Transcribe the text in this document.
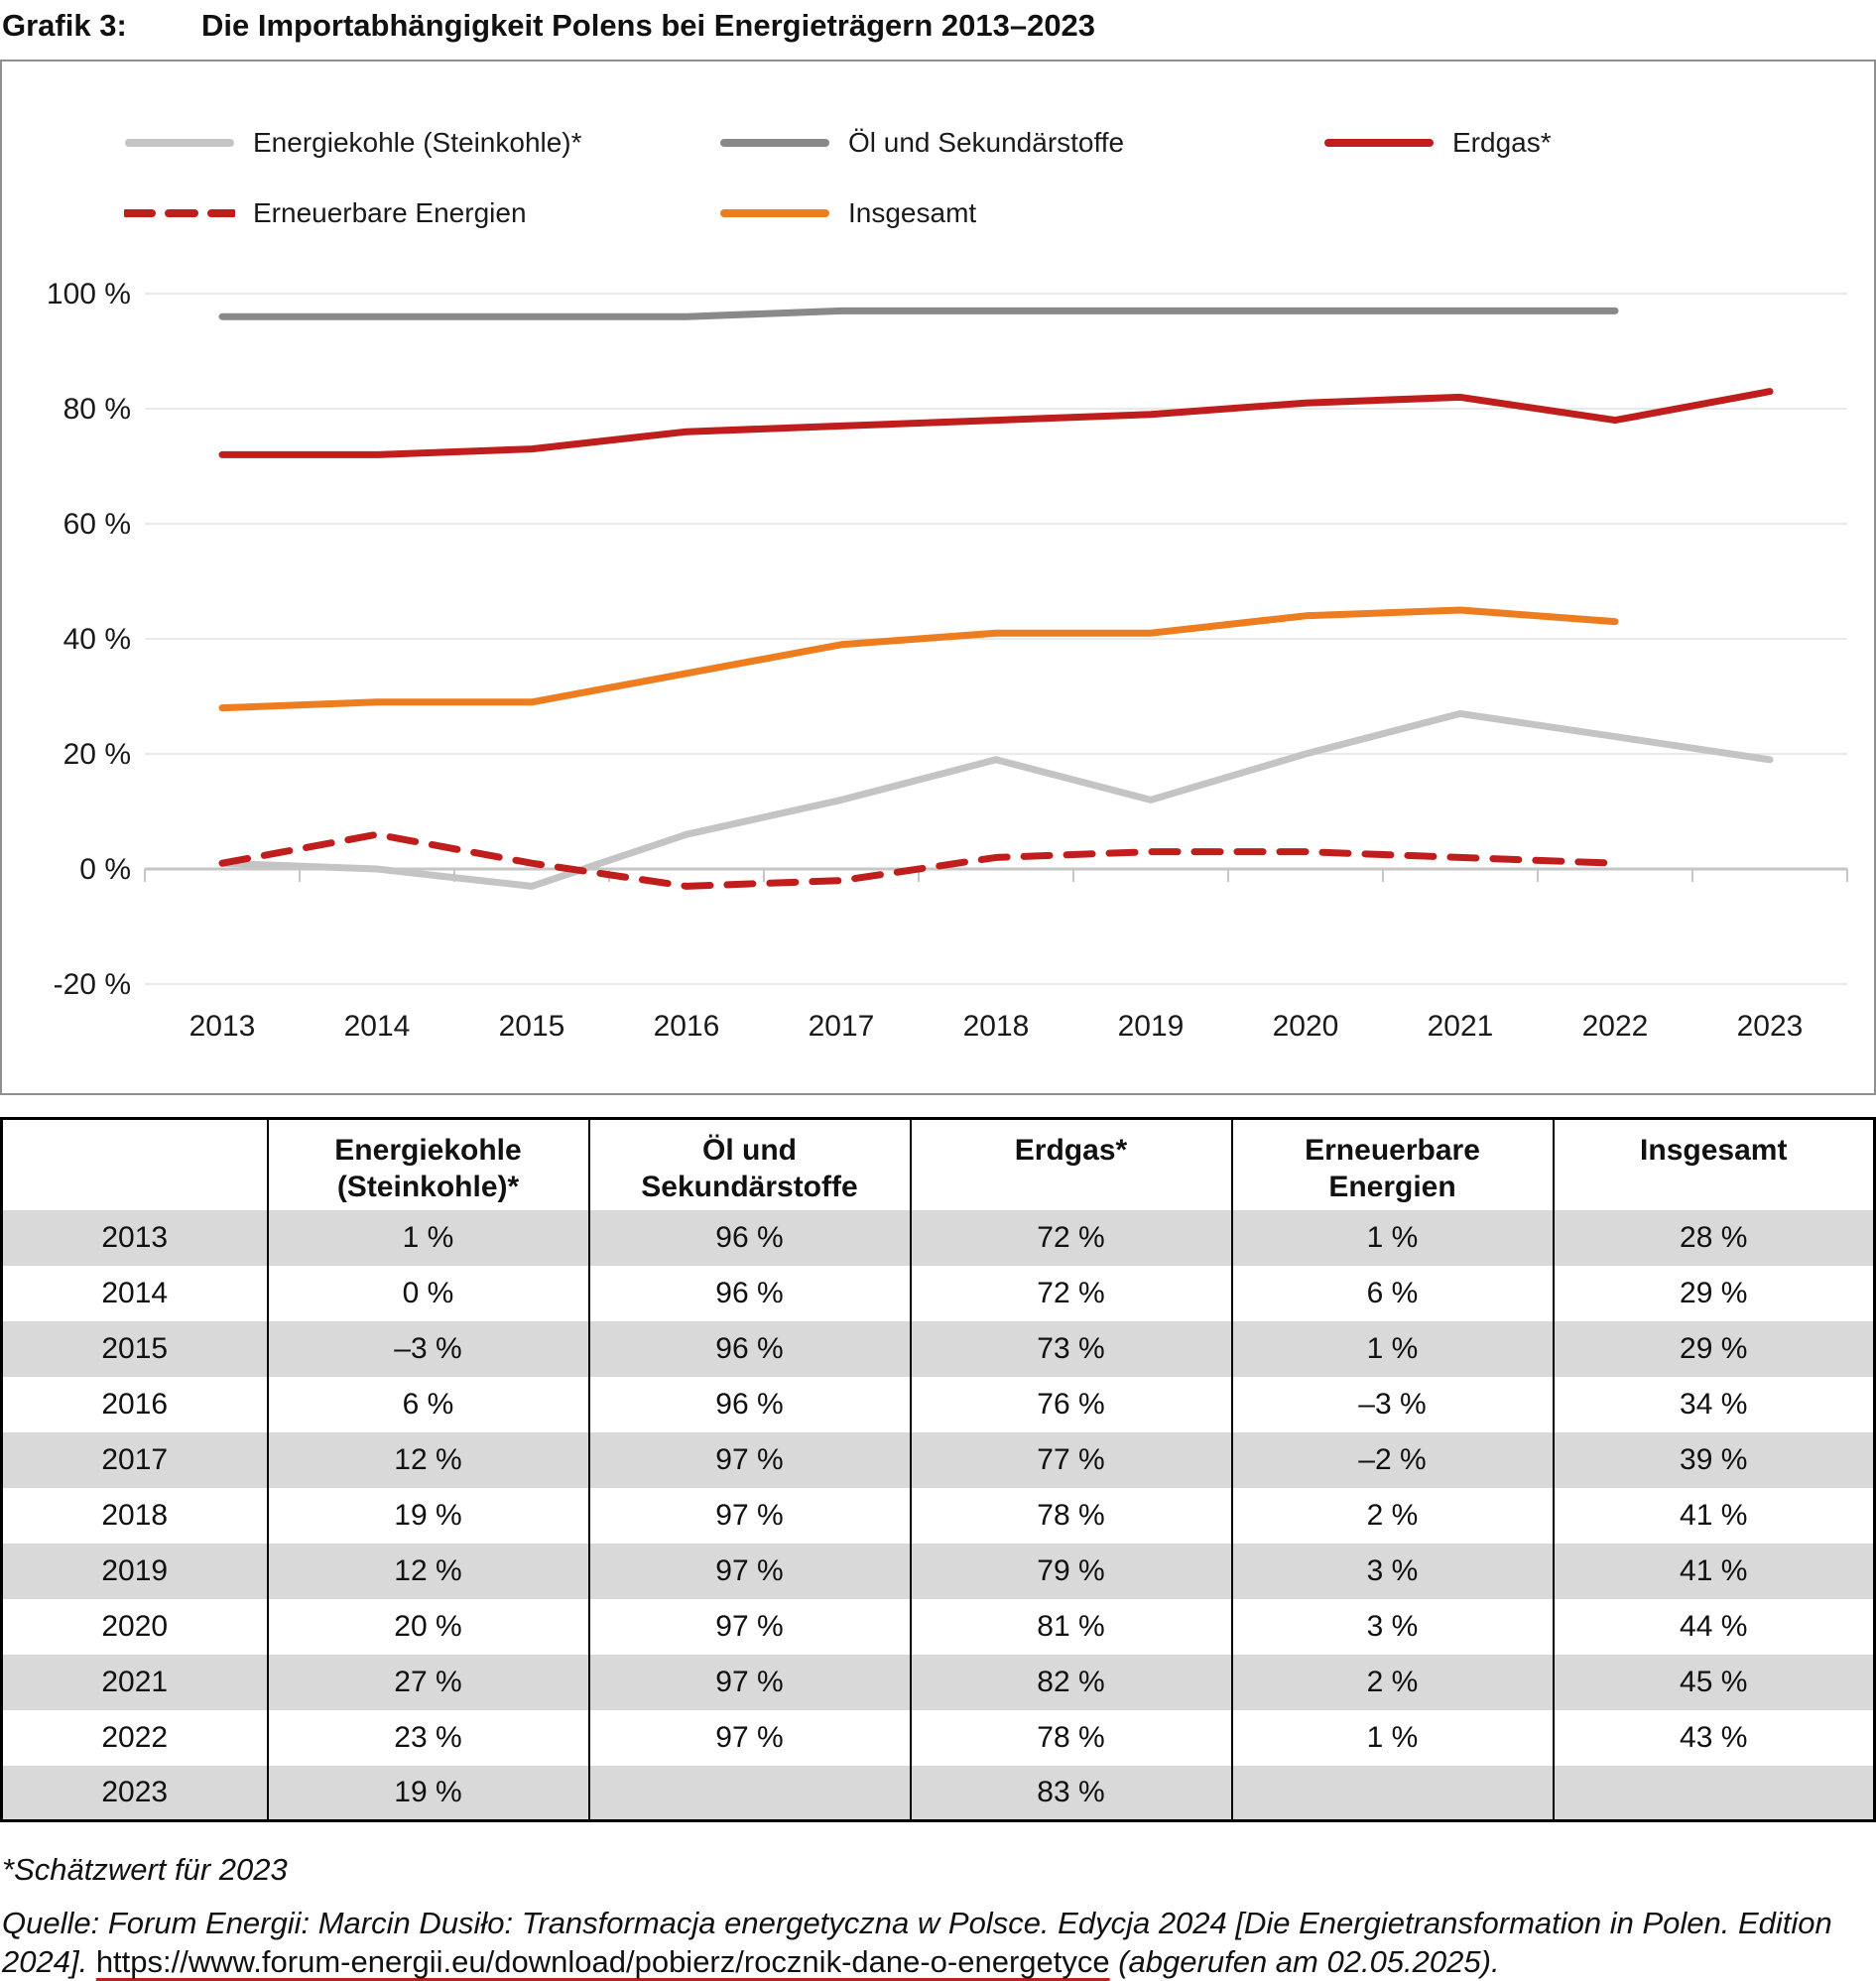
Grafik 3:	Die Importabhängigkeit Polens bei Energieträgern 2013–2023
Energiekohle (Steinkohle)*	Öl und Sekundärstoffe	Erdgas*
Erneuerbare Energien	Insgesamt
100 %
80 %
60 %
40 %
20 %
0 %
-20 %
2013	2014	2015	2016	2017	2018	2019	2020	2021	2022	2023
	Energiekohle (Steinkohle)*	Öl und Sekundärstoffe	Erdgas*	Erneuerbare Energien	Insgesamt
2013	1 %	96 %	72 %	1 %	28 %
2014	0 %	96 %	72 %	6 %	29 %
2015	–3 %	96 %	73 %	1 %	29 %
2016	6 %	96 %	76 %	–3 %	34 %
2017	12 %	97 %	77 %	–2 %	39 %
2018	19 %	97 %	78 %	2 %	41 %
2019	12 %	97 %	79 %	3 %	41 %
2020	20 %	97 %	81 %	3 %	44 %
2021	27 %	97 %	82 %	2 %	45 %
2022	23 %	97 %	78 %	1 %	43 %
2023	19 %		83 %		

*Schätzwert für 2023

Quelle: Forum Energii: Marcin Dusiło: Transformacja energetyczna w Polsce. Edycja 2024 [Die Energietransformation in Polen. Edition 2024]. https://www.forum-energii.eu/download/pobierz/rocznik-dane-o-energetyce (abgerufen am 02.05.2025).
